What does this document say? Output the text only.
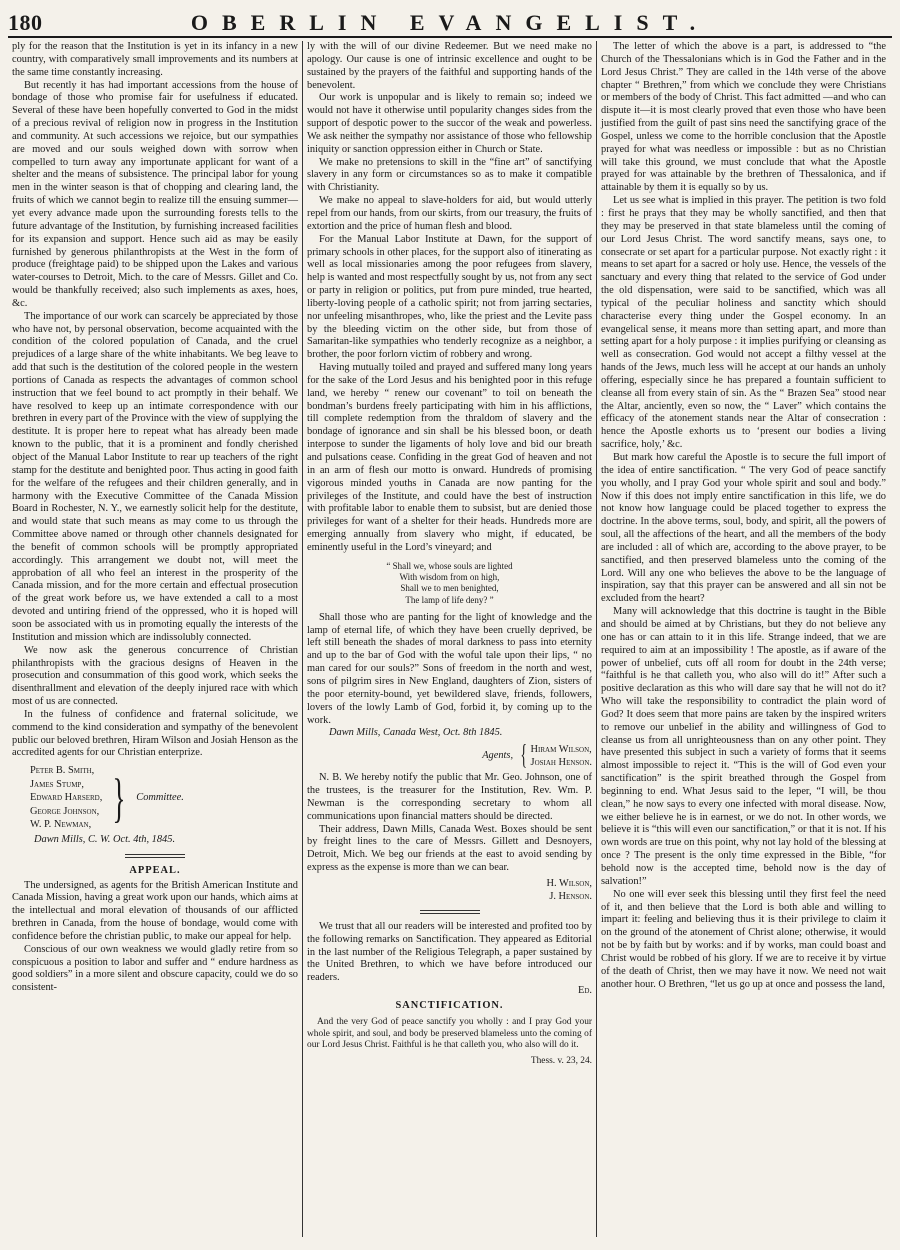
180	OBERLIN EVANGELIST.

ply for the reason that the Institution is yet in its infancy in a new country, with comparatively small improvements and its numbers at the same time constantly increasing.

But recently it has had important accessions from the house of bondage of those who promise fair for usefulness if educated. Several of these have been hopefully converted to God in the midst of a precious revival of religion now in progress in the Institution and community. At such accessions we rejoice, but our sympathies are moved and our souls weighed down with sorrow when compelled to turn away any importunate applicant for want of a shelter and the means of subsistence. The principal labor for young men in the winter season is that of chopping and clearing land, the fruits of which we cannot begin to realize till the ensuing summer—yet every advance made upon the surrounding forests tells to the future advantage of the Institution, by furnishing increased facilities for its expansion and support. Hence such aid as may be easily furnished by generous philanthropists at the West in the form of produce (freightage paid) to be shipped upon the Lakes and various water-courses to Detroit, Mich. to the care of Messrs. Gillet and Co. would be thankfully received; also such implements as axes, hoes, &c.

The importance of our work can scarcely be appreciated by those who have not, by personal observation, become acquainted with the condition of the colored population of Canada, and the cruel prejudices of a large share of the white inhabitants. We beg leave to add that such is the destitution of the colored people in the western portions of Canada as respects the advantages of common school instruction that we feel bound to act promptly in their behalf. We have resolved to keep up an intimate correspondence with our brethren in every part of the Province with the view of supplying the destitute. It is proper here to repeat what has already been made known to the public, that it is a prominent and fondly cherished object of the Manual Labor Institute to rear up teachers of the right stamp for the destitute and benighted poor. Thus acting in good faith for the welfare of the refugees and their children generally, and in harmony with the Executive Committee of the Canada Mission Board in Rochester, N. Y., we earnestly solicit help for the destitute, and would state that such means as may come to us through the Committee above named or through other channels designated for the benefit of common schools will be promptly appropriated accordingly. This arrangement we doubt not, will meet the approbation of all who feel an interest in the prosperity of the Canada mission, and for the more certain and effectual prosecution of the great work before us, we have extended a call to a most devoted and untiring friend of the oppressed, who it is hoped will soon be associated with us in promoting equally the interests of the Institution and mission which are indissolubly connected.

We now ask the generous concurrence of Christian philanthropists with the gracious designs of Heaven in the prosecution and consummation of this good work, which seeks the disenthrallment and elevation of the deeply injured race with which most of us are connected.

In the fulness of confidence and fraternal solicitude, we commend to the kind consideration and sympathy of the benevolent public our beloved brethren, Hiram Wilson and Josiah Henson as the accredited agents for our Christian enterprize.

Peter B. Smith,
James Stump,
Edward Harserd,
George Johnson,
W. P. Newman, } Committee.
Dawn Mills, C. W. Oct. 4th, 1845.
APPEAL.

The undersigned, as agents for the British American Institute and Canada Mission, having a great work upon our hands, which aims at the intellectual and moral elevation of thousands of our afflicted brethren in Canada, from the house of bondage, would come with confidence before the christian public, to make our appeal for help.

Conscious of our own weakness we would gladly retire from so conspicuous a position to labor and suffer and “ endure hardness as good soldiers” in a more silent and obscure capacity, could we do so consistent-

ly with the will of our divine Redeemer. But we need make no apology. Our cause is one of intrinsic excellence and ought to be sustained by the prayers of the faithful and supporting hands of the benevolent.

Our work is unpopular and is likely to remain so; indeed we would not have it otherwise until popularity changes sides from the support of despotic power to the succor of the weak and powerless. We ask neither the sympathy nor assistance of those who fellowship iniquity or sanction oppression either in Church or State.

We make no pretensions to skill in the “fine art” of sanctifying slavery in any form or circumstances so as to make it compatible with Christianity.

We make no appeal to slave-holders for aid, but would utterly repel from our hands, from our skirts, from our treasury, the fruits of extortion and the price of human flesh and blood.

For the Manual Labor Institute at Dawn, for the support of primary schools in other places, for the support also of itinerating as well as local missionaries among the poor refugees from slavery, help is wanted and most respectfully sought by us, not from any sect or party in religion or politics, put from pure minded, true hearted, liberty-loving people of a catholic spirit; not from jarring sectaries, nor unfeeling misanthropes, who, like the priest and the Levite pass by the bleeding victim on the other side, but from those of Samaritan-like sympathies who tenderly recognize as a neighbor, a brother, the poor forlorn victim of robbery and wrong.

Having mutually toiled and prayed and suffered many long years for the sake of the Lord Jesus and his benighted poor in this refuge land, we hereby “ renew our covenant” to toil on beneath the bondman’s burdens freely participating with him in his afflictions, till complete redemption from the thraldom of slavery and the bondage of ignorance and sin shall be his blessed boon, or death interpose to sunder the ligaments of holy love and bid our breath and pulsations cease. Confiding in the great God of heaven and not in an arm of flesh our motto is onward. Hundreds of promising vigorous minded youths in Canada are now panting for the privileges of the Institute, and could have the best of instruction with profitable labor to enable them to subsist, but are denied those privileges for want of a shelter for their heads. Hundreds more are emerging annually from slavery who might, if educated, be eminently useful in the Lord’s vineyard; and

“ Shall we, whose souls are lighted
With wisdom from on high,
Shall we to men benighted,
The lamp of life deny? ”

Shall those who are panting for the light of knowledge and the lamp of eternal life, of which they have been cruelly deprived, be left still beneath the shades of moral darkness to pass into eternity and up to the bar of God with the woful tale upon their lips, “ no man cared for our souls?” Sons of freedom in the north and west, sons of pilgrim sires in New England, daughters of Zion, sisters of the poor eternity-bound, yet bewildered slave, friends, followers, lovers of the lowly Lamb of God, forbid it, by coming up to the work.

Dawn Mills, Canada West, Oct. 8th 1845.
Agents, { Hiram Wilson,
Josiah Henson.

N. B. We hereby notify the public that Mr. Geo. Johnson, one of the trustees, is the treasurer for the Institution, Rev. Wm. P. Newman is the corresponding secretary to whom all communications upon financial matters should be directed.

Their address, Dawn Mills, Canada West. Boxes should be sent by freight lines to the care of Messrs. Gillett and Desnoyers, Detroit, Mich. We beg our friends at the east to avoid sending by express as the expense is more than we can bear.

H. Wilson,
J. Henson.

We trust that all our readers will be interested and profited too by the following remarks on Sanctification. They appeared as Editorial in the last number of the Religious Telegraph, a paper sustained by the United Brethren, to which we have before introduced our readers.

Ed.
SANCTIFICATION.
And the very God of peace sanctify you wholly : and I pray God your whole spirit, and soul, and body be preserved blameless unto the coming of our Lord Jesus Christ. Faithful is he that calleth you, who also will do it.
Thess. v. 23, 24.

The letter of which the above is a part, is addressed to “the Church of the Thessalonians which is in God the Father and in the Lord Jesus Christ.” They are called in the 14th verse of the above chapter “ Brethren,” from which we conclude they were Christians or members of the body of Christ. This fact admitted —and who can dispute it—it is most clearly proved that even those who have been justified from the guilt of past sins need the sanctifying grace of the Gospel, unless we come to the horrible conclusion that the Apostle prayed for what was needless or impossible : but as no Christian will take this ground, we must conclude that what the Apostle prayed for was attainable by the brethren of Thessalonica, and if attainable by them it is equally so by us.

Let us see what is implied in this prayer. The petition is two fold : first he prays that they may be wholly sanctified, and then that they may be preserved in that state blameless until the coming of our Lord Jesus Christ. The word sanctify means, says one, to consecrate or set apart for a particular purpose. Not exactly right : it means to set apart for a sacred or holy use. Hence, the vessels of the sanctuary and every thing that related to the service of God under the old dispensation, were said to be sanctified, which was all typical of the peculiar holiness and sanctity which should characterise every thing under the Gospel economy. In an evangelical sense, it means more than setting apart, and more than setting apart for a holy purpose : it implies purifying or cleansing as well as consecration. God would not accept a filthy vessel at the hands of the Jews, much less will he accept at our hands an unholy offering, especially since he has prepared a fountain sufficient to cleanse all from every stain of sin. As the “ Brazen Sea” stood near the Altar, anciently, even so now, the “ Laver” which contains the efficacy of the atonement stands near the Altar of consecration : hence the Apostle exhorts us to ‘present our bodies a living sacrifice, holy,’ &c.

But mark how careful the Apostle is to secure the full import of the idea of entire sanctification. “ The very God of peace sanctify you wholly, and I pray God your whole spirit and soul and body.” Now if this does not imply entire sanctification in this life, we do not know how language could be placed together to express the doctrine. In the above terms, soul, body, and spirit, all the powers of soul, all the affections of the heart, and all the members of the body are included : all of which are, according to the above prayer, to be sanctified, and then preserved blameless unto the coming of the Lord. Will any one who believes the above to be the language of inspiration, say that this prayer can be answered and all sin not be excluded from the heart?

Many will acknowledge that this doctrine is taught in the Bible and should be aimed at by Christians, but they do not believe any one has or can attain to it in this life. Strange indeed, that we are required to aim at an impossibility ! The apostle, as if aware of the power of unbelief, cuts off all room for doubt in the 24th verse; “faithful is he that calleth you, who also will do it!” After such a positive declaration as this who will dare say that he will not do it? Who will take the responsibility to contradict the plain word of God? It does seem that more pains are taken by the inspired writers to remove our unbelief in the ability and willingness of God to cleanse us from all unrighteousness than on any other point. They have presented this subject in such a variety of forms that it seems almost impossible to reject it. “This is the will of God even your sanctification” is the spirit breathed through the Gospel from beginning to end. What Jesus said to the leper, “I will, be thou clean,” he now says to every one infected with moral disease. Now, we either believe he is in earnest, or we do not. In other words, we believe it is “this will even our sanctification,” or that it is not. If his own words are true on this point, why not lay hold of the blessing at once ? The present is the only time expressed in the Bible, “for behold now is the accepted time, behold now is the day of salvation!”

No one will ever seek this blessing until they first feel the need of it, and then believe that the Lord is both able and willing to impart it: feeling and believing thus it is their privilege to claim it on the ground of the atonement of Christ alone; otherwise, it would not be by faith but by works: and if by works, man could boast and Christ would be robbed of his glory. If we are to receive it by virtue of the death of Christ, then we may have it now. We need not wait another hour. O Brethren, “let us go up at once and possess the land,
